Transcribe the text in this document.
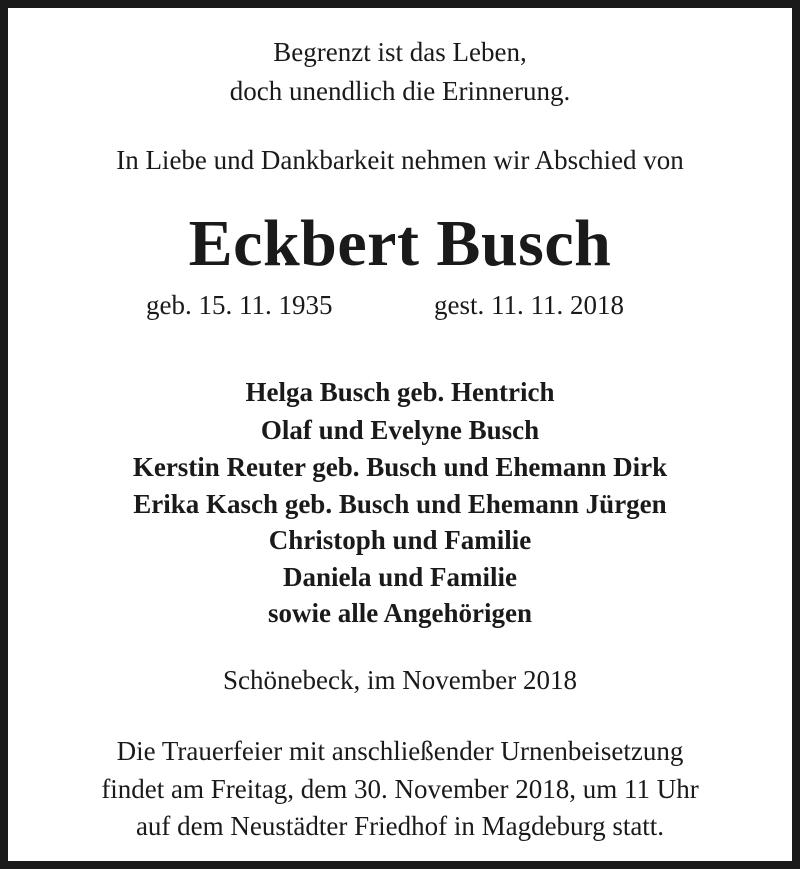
Begrenzt ist das Leben,
doch unendlich die Erinnerung.
In Liebe und Dankbarkeit nehmen wir Abschied von
Eckbert Busch
geb. 15. 11. 1935	gest. 11. 11. 2018
Helga Busch geb. Hentrich
Olaf und Evelyne Busch
Kerstin Reuter geb. Busch und Ehemann Dirk
Erika Kasch geb. Busch und Ehemann Jürgen
Christoph und Familie
Daniela und Familie
sowie alle Angehörigen
Schönebeck, im November 2018
Die Trauerfeier mit anschließender Urnenbeisetzung
findet am Freitag, dem 30. November 2018, um 11 Uhr
auf dem Neustädter Friedhof in Magdeburg statt.
